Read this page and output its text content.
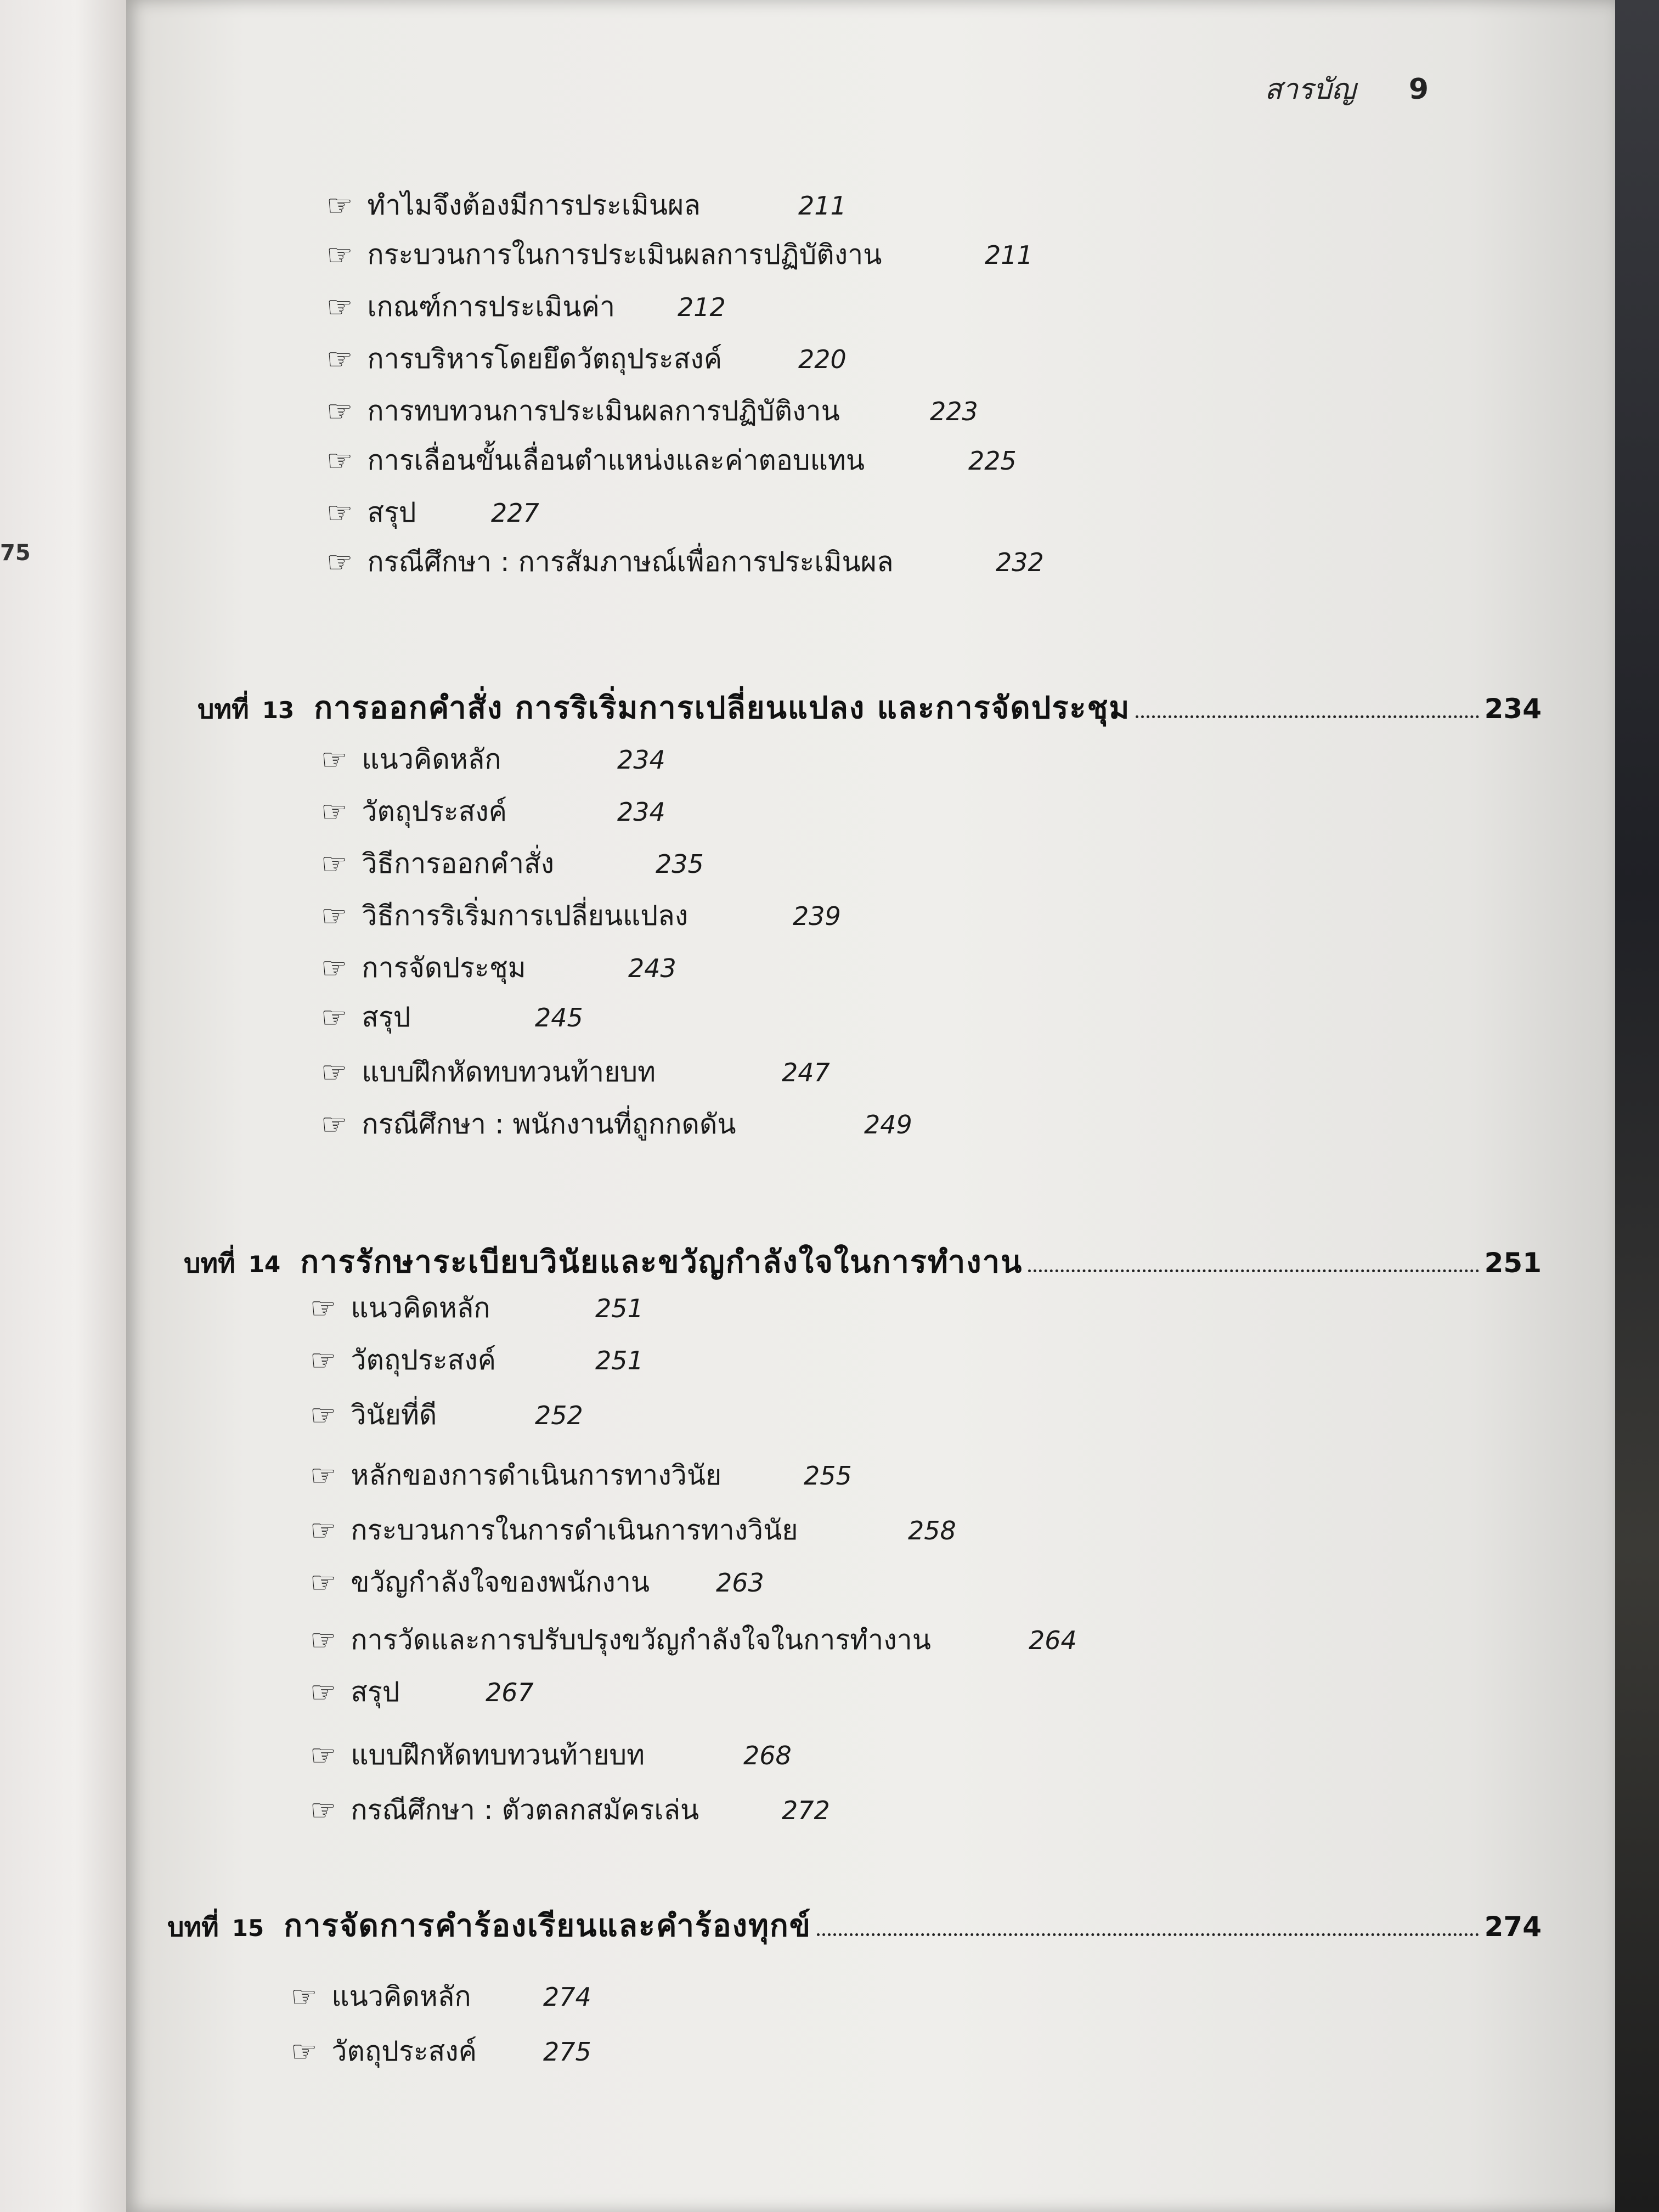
75
สารบัญ 9
☞ ทำไมจึงต้องมีการประเมินผล	211
☞ กระบวนการในการประเมินผลการปฏิบัติงาน	211
☞ เกณฑ์การประเมินค่า 212
☞ การบริหารโดยยึดวัตถุประสงค์	220
☞ การทบทวนการประเมินผลการปฏิบัติงาน	223
☞ การเลื่อนขั้นเลื่อนตำแหน่งและค่าตอบแทน	225
☞ สรุป	227
☞ กรณีศึกษา : การสัมภาษณ์เพื่อการประเมินผล	232
บทที่ 13 การออกคำสั่ง การริเริ่มการเปลี่ยนแปลง และการจัดประชุม	234
☞ แนวคิดหลัก	234
☞ วัตถุประสงค์	234
☞ วิธีการออกคำสั่ง	235
☞ วิธีการริเริ่มการเปลี่ยนแปลง	239
☞ การจัดประชุม	243
☞ สรุป	245
☞ แบบฝึกหัดทบทวนท้ายบท	247
☞ กรณีศึกษา : พนักงานที่ถูกกดดัน	249
บทที่ 14 การรักษาระเบียบวินัยและขวัญกำลังใจในการทำงาน	251
☞ แนวคิดหลัก	251
☞ วัตถุประสงค์	251
☞ วินัยที่ดี	252
☞ หลักของการดำเนินการทางวินัย	255
☞ กระบวนการในการดำเนินการทางวินัย	258
☞ ขวัญกำลังใจของพนักงาน	263
☞ การวัดและการปรับปรุงขวัญกำลังใจในการทำงาน	264
☞ สรุป	267
☞ แบบฝึกหัดทบทวนท้ายบท	268
☞ กรณีศึกษา : ตัวตลกสมัครเล่น	272
บทที่ 15 การจัดการคำร้องเรียนและคำร้องทุกข์	274
☞ แนวคิดหลัก	274
☞ วัตถุประสงค์	275
